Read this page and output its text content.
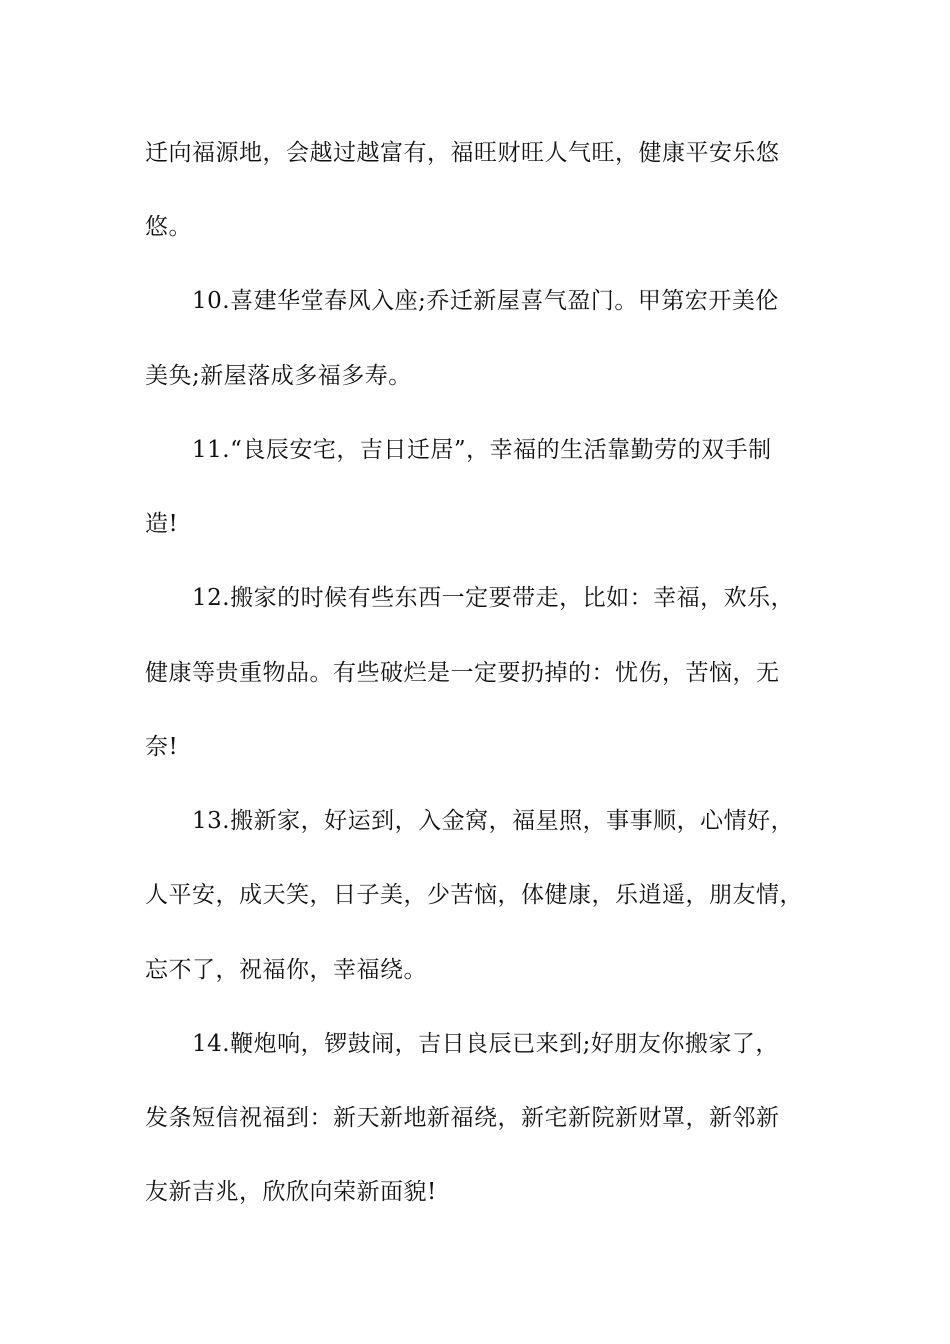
迁向福源地，会越过越富有，福旺财旺人气旺，健康平安乐悠
悠。
10.喜建华堂春风入座;乔迁新屋喜气盈门。甲第宏开美伦
美奂;新屋落成多福多寿。
11.“良辰安宅，吉日迁居”，幸福的生活靠勤劳的双手制
造!
12.搬家的时候有些东西一定要带走，比如：幸福，欢乐，
健康等贵重物品。有些破烂是一定要扔掉的：忧伤，苦恼，无
奈!
13.搬新家，好运到，入金窝，福星照，事事顺，心情好，
人平安，成天笑，日子美，少苦恼，体健康，乐逍遥，朋友情，
忘不了，祝福你，幸福绕。
14.鞭炮响，锣鼓闹，吉日良辰已来到;好朋友你搬家了，
发条短信祝福到：新天新地新福绕，新宅新院新财罩，新邻新
友新吉兆，欣欣向荣新面貌!
